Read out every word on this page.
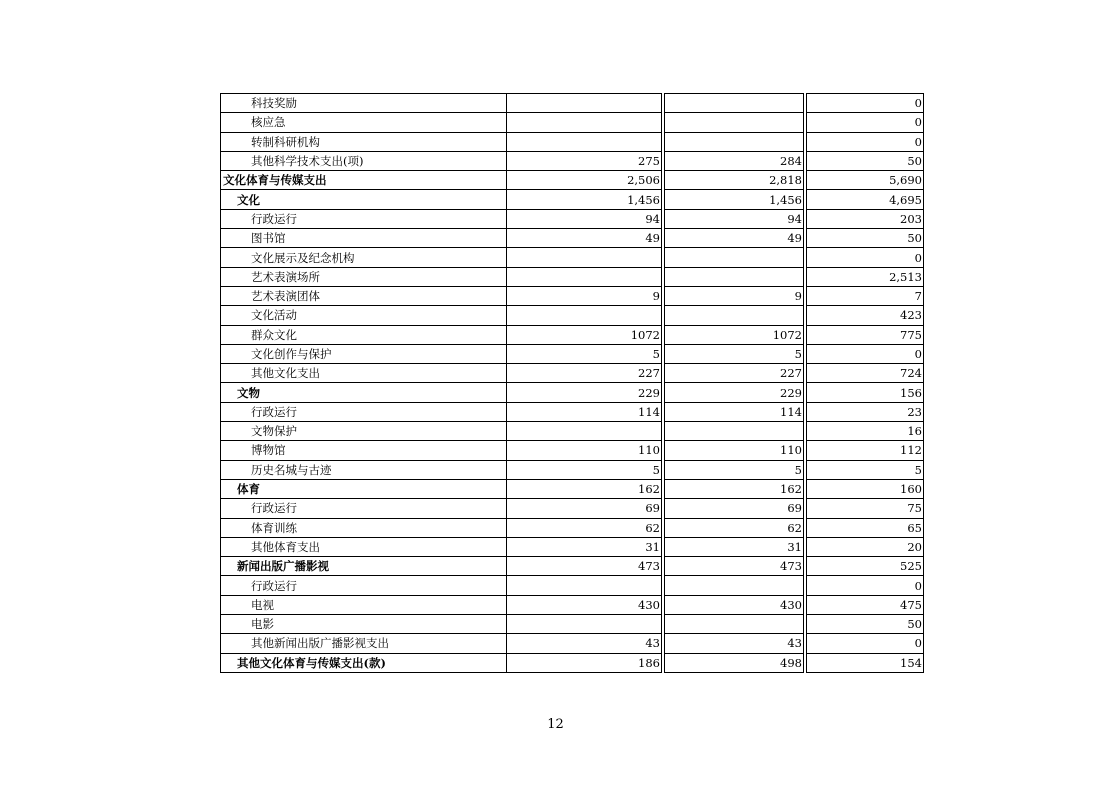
科技奖励					0
核应急					0
转制科研机构					0
其他科学技术支出(项)	275		284		50
文化体育与传媒支出	2,506		2,818		5,690
文化	1,456		1,456		4,695
行政运行	94		94		203
图书馆	49		49		50
文化展示及纪念机构					0
艺术表演场所					2,513
艺术表演团体	9		9		7
文化活动					423
群众文化	1072		1072		775
文化创作与保护	5		5		0
其他文化支出	227		227		724
文物	229		229		156
行政运行	114		114		23
文物保护					16
博物馆	110		110		112
历史名城与古迹	5		5		5
体育	162		162		160
行政运行	69		69		75
体育训练	62		62		65
其他体育支出	31		31		20
新闻出版广播影视	473		473		525
行政运行					0
电视	430		430		475
电影					50
其他新闻出版广播影视支出	43		43		0
其他文化体育与传媒支出(款)	186		498		154
12
